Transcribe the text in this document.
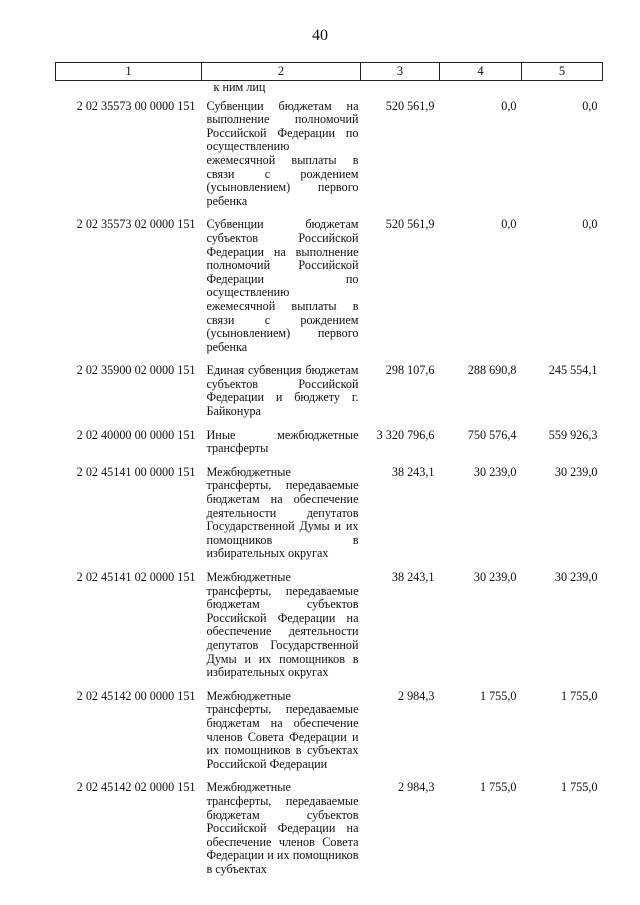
40
1	2	3	4	5
	к ним лиц			
2 02 35573 00 0000 151	Субвенции бюджетам на выполнение полномочий Российской Федерации по осуществлению ежемесячной выплаты в связи с рождением (усыновлением) первого ребенка	520 561,9	0,0	0,0
2 02 35573 02 0000 151	Субвенции бюджетам субъектов Российской Федерации на выполнение полномочий Российской Федерации по осуществлению ежемесячной выплаты в связи с рождением (усыновлением) первого ребенка	520 561,9	0,0	0,0
2 02 35900 02 0000 151	Единая субвенция бюджетам субъектов Российской Федерации и бюджету г. Байконура	298 107,6	288 690,8	245 554,1
2 02 40000 00 0000 151	Иные межбюджетные трансферты	3 320 796,6	750 576,4	559 926,3
2 02 45141 00 0000 151	Межбюджетные трансферты, передаваемые бюджетам на обеспечение деятельности депутатов Государственной Думы и их помощников в избирательных округах	38 243,1	30 239,0	30 239,0
2 02 45141 02 0000 151	Межбюджетные трансферты, передаваемые бюджетам субъектов Российской Федерации на обеспечение деятельности депутатов Государственной Думы и их помощников в избирательных округах	38 243,1	30 239,0	30 239,0
2 02 45142 00 0000 151	Межбюджетные трансферты, передаваемые бюджетам на обеспечение членов Совета Федерации и их помощников в субъектах Российской Федерации	2 984,3	1 755,0	1 755,0
2 02 45142 02 0000 151	Межбюджетные трансферты, передаваемые бюджетам субъектов Российской Федерации на обеспечение членов Совета Федерации и их помощников в субъектах	2 984,3	1 755,0	1 755,0
